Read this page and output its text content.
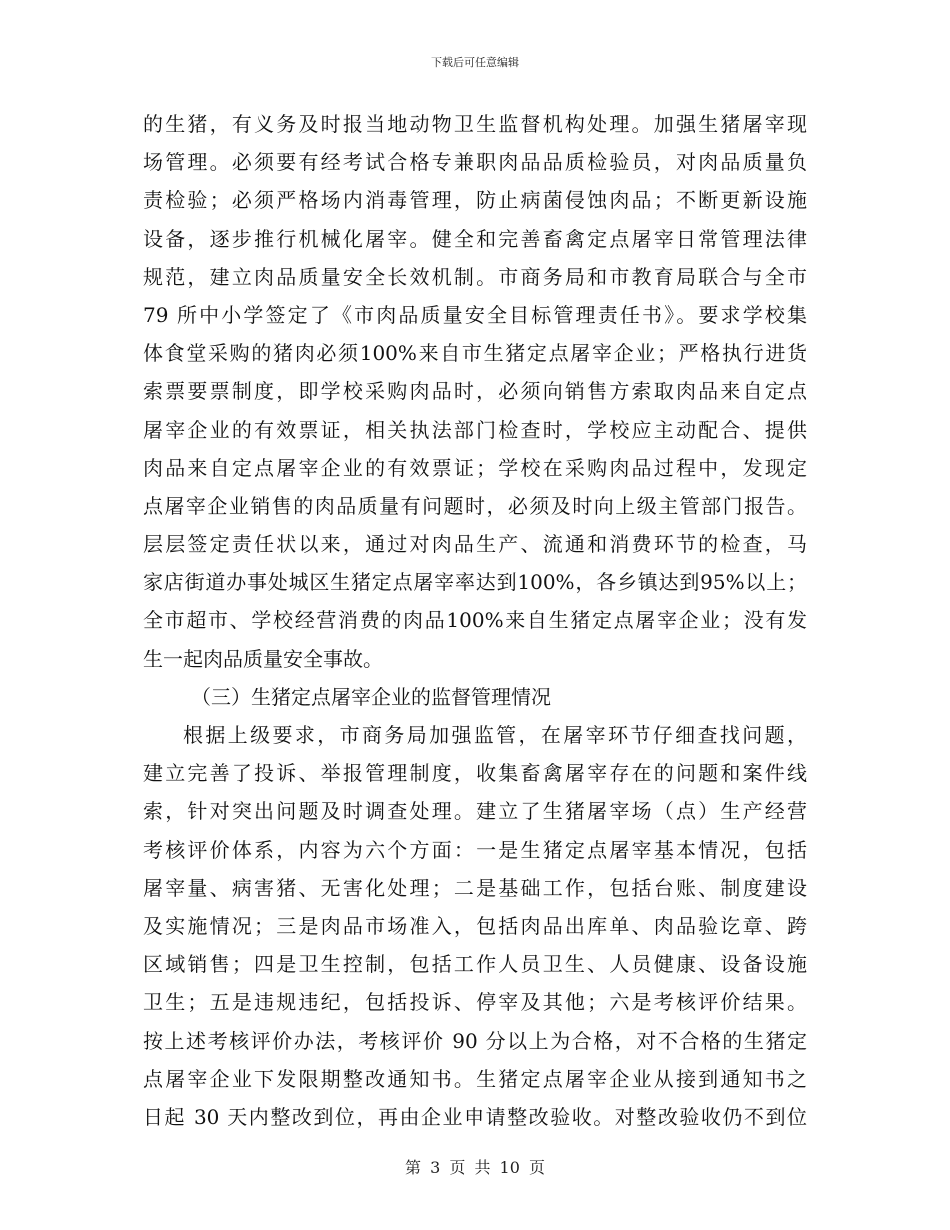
下载后可任意编辑
的生猪，有义务及时报当地动物卫生监督机构处理。加强生猪屠宰现
场管理。必须要有经考试合格专兼职肉品品质检验员，对肉品质量负
责检验；必须严格场内消毒管理，防止病菌侵蚀肉品；不断更新设施
设备，逐步推行机械化屠宰。健全和完善畜禽定点屠宰日常管理法律
规范，建立肉品质量安全长效机制。市商务局和市教育局联合与全市
79 所中小学签定了《市肉品质量安全目标管理责任书》。要求学校集
体食堂采购的猪肉必须100%来自市生猪定点屠宰企业；严格执行进货
索票要票制度，即学校采购肉品时，必须向销售方索取肉品来自定点
屠宰企业的有效票证，相关执法部门检查时，学校应主动配合、提供
肉品来自定点屠宰企业的有效票证；学校在采购肉品过程中，发现定
点屠宰企业销售的肉品质量有问题时，必须及时向上级主管部门报告。
层层签定责任状以来，通过对肉品生产、流通和消费环节的检查，马
家店街道办事处城区生猪定点屠宰率达到100%，各乡镇达到95%以上；
全市超市、学校经营消费的肉品100%来自生猪定点屠宰企业；没有发
生一起肉品质量安全事故。
（三）生猪定点屠宰企业的监督管理情况
根据上级要求，市商务局加强监管，在屠宰环节仔细查找问题，
建立完善了投诉、举报管理制度，收集畜禽屠宰存在的问题和案件线
索，针对突出问题及时调查处理。建立了生猪屠宰场（点）生产经营
考核评价体系，内容为六个方面：一是生猪定点屠宰基本情况，包括
屠宰量、病害猪、无害化处理；二是基础工作，包括台账、制度建设
及实施情况；三是肉品市场准入，包括肉品出库单、肉品验讫章、跨
区域销售；四是卫生控制，包括工作人员卫生、人员健康、设备设施
卫生；五是违规违纪，包括投诉、停宰及其他；六是考核评价结果。
按上述考核评价办法，考核评价 90 分以上为合格，对不合格的生猪定
点屠宰企业下发限期整改通知书。生猪定点屠宰企业从接到通知书之
日起 30 天内整改到位，再由企业申请整改验收。对整改验收仍不到位
第 3 页 共 10 页
